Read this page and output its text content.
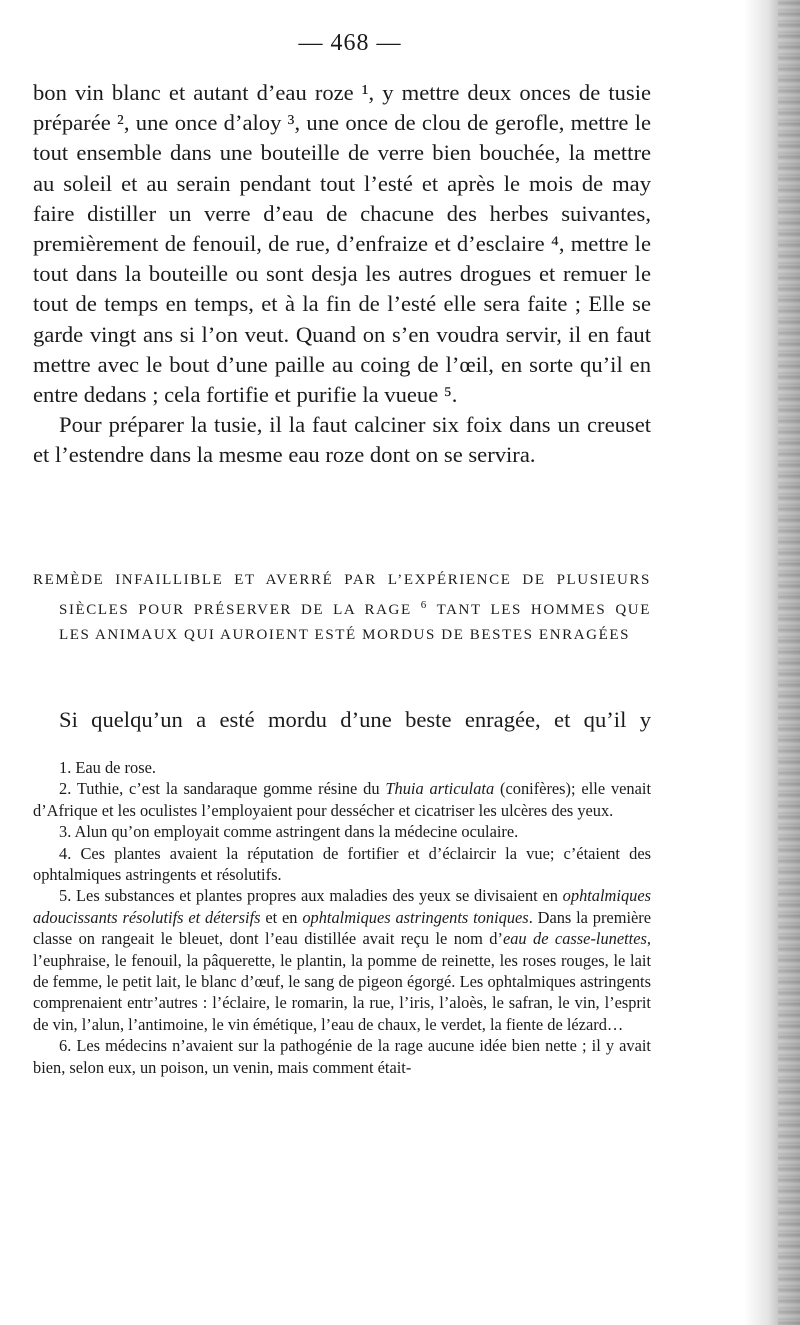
— 468 —

bon vin blanc et autant d’eau roze ¹, y mettre deux onces de tusie préparée ², une once d’aloy ³, une once de clou de gerofle, mettre le tout ensemble dans une bouteille de verre bien bouchée, la mettre au soleil et au serain pendant tout l’esté et après le mois de may faire distiller un verre d’eau de chacune des herbes suivantes, premièrement de fenouil, de rue, d’enfraize et d’esclaire ⁴, mettre le tout dans la bouteille ou sont desja les autres drogues et remuer le tout de temps en temps, et à la fin de l’esté elle sera faite ; Elle se garde vingt ans si l’on veut. Quand on s’en voudra servir, il en faut mettre avec le bout d’une paille au coing de l’œil, en sorte qu’il en entre dedans ; cela fortifie et purifie la vueue ⁵.

Pour préparer la tusie, il la faut calciner six foix dans un creuset et l’estendre dans la mesme eau roze dont on se servira.

REMÈDE INFAILLIBLE ET AVERRÉ PAR L’EXPÉRIENCE DE PLUSIEURS SIÈCLES POUR PRÉSERVER DE LA RAGE $^6$ TANT LES HOMMES QUE LES ANIMAUX QUI AUROIENT ESTÉ MORDUS DE BESTES ENRAGÉES
Si quelqu’un a esté mordu d’une beste enragée, et qu’il y

1. Eau de rose.

2. Tuthie, c’est la sandaraque gomme résine du Thuia articulata (conifères); elle venait d’Afrique et les oculistes l’employaient pour dessécher et cicatriser les ulcères des yeux.

3. Alun qu’on employait comme astringent dans la médecine oculaire.

4. Ces plantes avaient la réputation de fortifier et d’éclaircir la vue; c’étaient des ophtalmiques astringents et résolutifs.

5. Les substances et plantes propres aux maladies des yeux se divisaient en ophtalmiques adoucissants résolutifs et détersifs et en ophtalmiques astringents toniques. Dans la première classe on rangeait le bleuet, dont l’eau distillée avait reçu le nom d’eau de casse-lunettes, l’euphraise, le fenouil, la pâquerette, le plantin, la pomme de reinette, les roses rouges, le lait de femme, le petit lait, le blanc d’œuf, le sang de pigeon égorgé. Les ophtalmiques astringents comprenaient entr’autres : l’éclaire, le romarin, la rue, l’iris, l’aloès, le safran, le vin, l’esprit de vin, l’alun, l’antimoine, le vin émétique, l’eau de chaux, le verdet, la fiente de lézard…

6. Les médecins n’avaient sur la pathogénie de la rage aucune idée bien nette ; il y avait bien, selon eux, un poison, un venin, mais comment était-
